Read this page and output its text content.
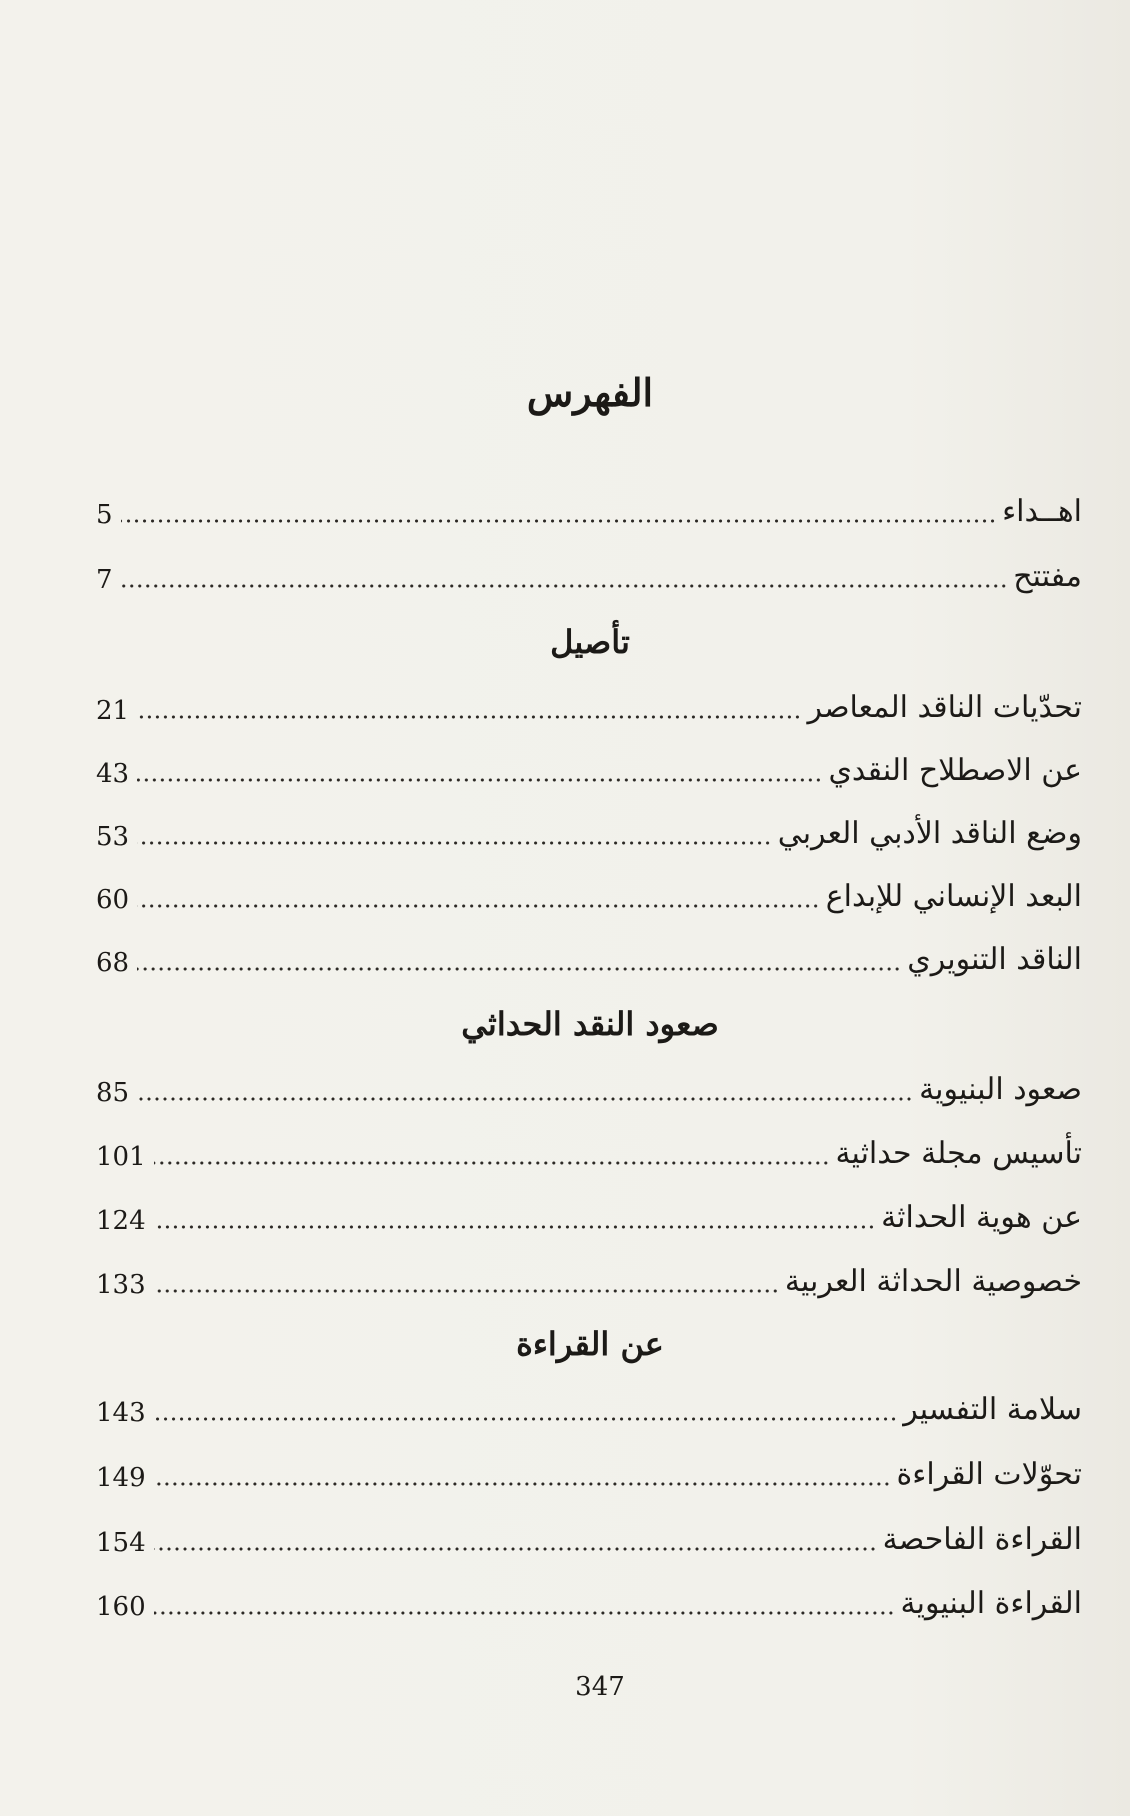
الفهرس
5	اهــداء
7	مفتتح
تأصيل
21	تحدّيات الناقد المعاصر
43	عن الاصطلاح النقدي
53	وضع الناقد الأدبي العربي
60	البعد الإنساني للإبداع
68	الناقد التنويري
صعود النقد الحداثي
85	صعود البنيوية
101	تأسيس مجلة حداثية
124	عن هوية الحداثة
133	خصوصية الحداثة العربية
عن القراءة
143	سلامة التفسير
149	تحوّلات القراءة
154	القراءة الفاحصة
160	القراءة البنيوية
347
